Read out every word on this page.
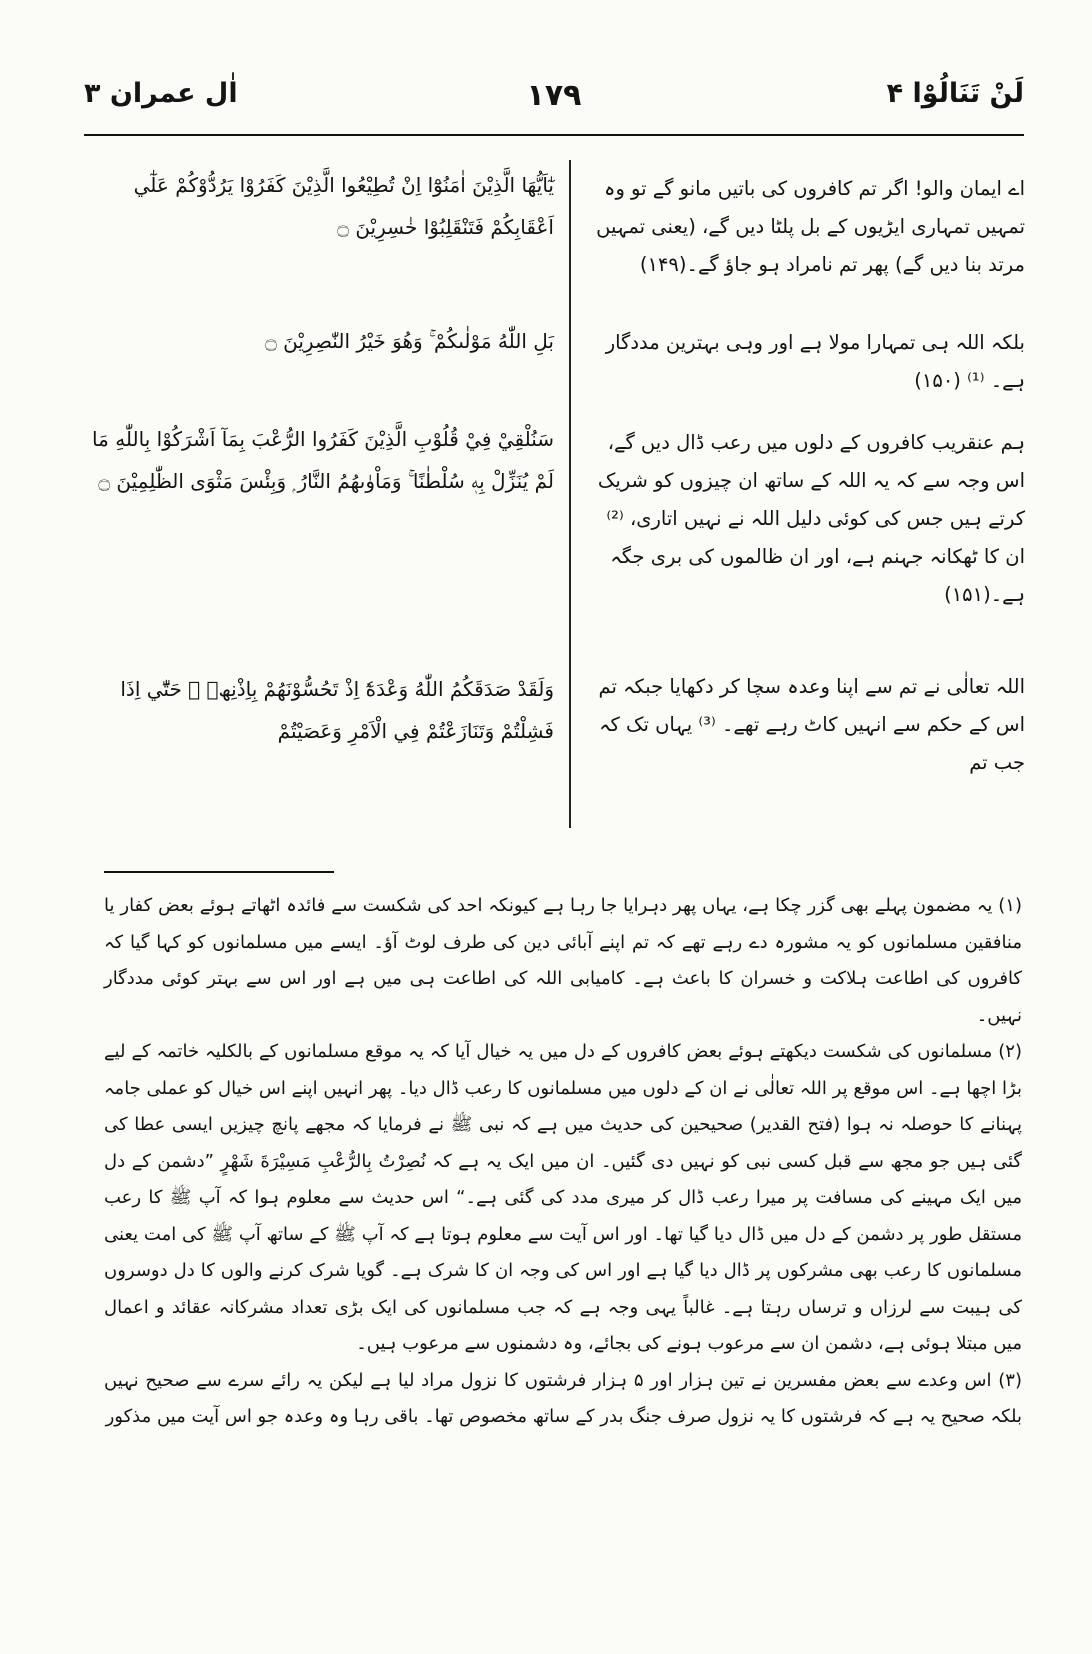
اٰل عمران ۳	۱۷۹	لَنْ تَنَالُوْا ۴
يٰٓاَيُّهَا الَّذِيْنَ اٰمَنُوْٓا اِنْ تُطِيْعُوا الَّذِيْنَ كَفَرُوْا يَرُدُّوْكُمْ عَلٰٓي اَعْقَابِكُمْ فَتَنْقَلِبُوْا خٰسِرِيْنَ ۝
بَلِ اللّٰهُ مَوْلٰىكُمْ ۚ وَھُوَ خَيْرُ النّٰصِرِيْنَ ۝
سَنُلْقِيْ فِيْ قُلُوْبِ الَّذِيْنَ كَفَرُوا الرُّعْبَ بِمَآ اَشْرَكُوْا بِاللّٰهِ مَا لَمْ يُنَزِّلْ بِهٖ سُلْطٰنًا ۚ وَمَاْوٰىھُمُ النَّارُ ۭ وَبِئْسَ مَثْوَى الظّٰلِمِيْنَ ۝
وَلَقَدْ صَدَقَكُمُ اللّٰهُ وَعْدَهٗٓ اِذْ تَحُسُّوْنَھُمْ بِاِذْنِھٖ ۚ حَتّٰٓي اِذَا فَشِلْتُمْ وَتَنَازَعْتُمْ فِي الْاَمْرِ وَعَصَيْتُمْ
اے ایمان والو! اگر تم کافروں کی باتیں مانو گے تو وہ تمہیں تمہاری ایڑیوں کے بل پلٹا دیں گے، (یعنی تمہیں مرتد بنا دیں گے) پھر تم نامراد ہو جاؤ گے۔(۱۴۹)
بلکہ اللہ ہی تمہارا مولا ہے اور وہی بہترین مددگار ہے۔ ⁽¹⁾ (۱۵۰)
ہم عنقریب کافروں کے دلوں میں رعب ڈال دیں گے، اس وجہ سے کہ یہ اللہ کے ساتھ ان چیزوں کو شریک کرتے ہیں جس کی کوئی دلیل اللہ نے نہیں اتاری، ⁽²⁾ ان کا ٹھکانہ جہنم ہے، اور ان ظالموں کی بری جگہ ہے۔(۱۵۱)
اللہ تعالٰی نے تم سے اپنا وعدہ سچا کر دکھایا جبکہ تم اس کے حکم سے انہیں کاٹ رہے تھے۔ ⁽³⁾ یہاں تک کہ جب تم

(۱) یہ مضمون پہلے بھی گزر چکا ہے، یہاں پھر دہرایا جا رہا ہے کیونکہ احد کی شکست سے فائدہ اٹھاتے ہوئے بعض کفار یا منافقین مسلمانوں کو یہ مشورہ دے رہے تھے کہ تم اپنے آبائی دین کی طرف لوٹ آؤ۔ ایسے میں مسلمانوں کو کہا گیا کہ کافروں کی اطاعت ہلاکت و خسران کا باعث ہے۔ کامیابی اللہ کی اطاعت ہی میں ہے اور اس سے بہتر کوئی مددگار نہیں۔

(۲) مسلمانوں کی شکست دیکھتے ہوئے بعض کافروں کے دل میں یہ خیال آیا کہ یہ موقع مسلمانوں کے بالکلیہ خاتمہ کے لیے بڑا اچھا ہے۔ اس موقع پر اللہ تعالٰی نے ان کے دلوں میں مسلمانوں کا رعب ڈال دیا۔ پھر انہیں اپنے اس خیال کو عملی جامہ پہنانے کا حوصلہ نہ ہوا (فتح القدیر) صحیحین کی حدیث میں ہے کہ نبی ﷺ نے فرمایا کہ مجھے پانچ چیزیں ایسی عطا کی گئی ہیں جو مجھ سے قبل کسی نبی کو نہیں دی گئیں۔ ان میں ایک یہ ہے کہ نُصِرْتُ بِالرُّعْبِ مَسِيْرَةَ شَهْرٍ ”دشمن کے دل میں ایک مہینے کی مسافت پر میرا رعب ڈال کر میری مدد کی گئی ہے۔“ اس حدیث سے معلوم ہوا کہ آپ ﷺ کا رعب مستقل طور پر دشمن کے دل میں ڈال دیا گیا تھا۔ اور اس آیت سے معلوم ہوتا ہے کہ آپ ﷺ کے ساتھ آپ ﷺ کی امت یعنی مسلمانوں کا رعب بھی مشرکوں پر ڈال دیا گیا ہے اور اس کی وجہ ان کا شرک ہے۔ گویا شرک کرنے والوں کا دل دوسروں کی ہیبت سے لرزاں و ترساں رہتا ہے۔ غالباً یہی وجہ ہے کہ جب مسلمانوں کی ایک بڑی تعداد مشرکانہ عقائد و اعمال میں مبتلا ہوئی ہے، دشمن ان سے مرعوب ہونے کی بجائے، وہ دشمنوں سے مرعوب ہیں۔

(۳) اس وعدے سے بعض مفسرین نے تین ہزار اور ۵ ہزار فرشتوں کا نزول مراد لیا ہے لیکن یہ رائے سرے سے صحیح نہیں بلکہ صحیح یہ ہے کہ فرشتوں کا یہ نزول صرف جنگ بدر کے ساتھ مخصوص تھا۔ باقی رہا وہ وعدہ جو اس آیت میں مذکور
